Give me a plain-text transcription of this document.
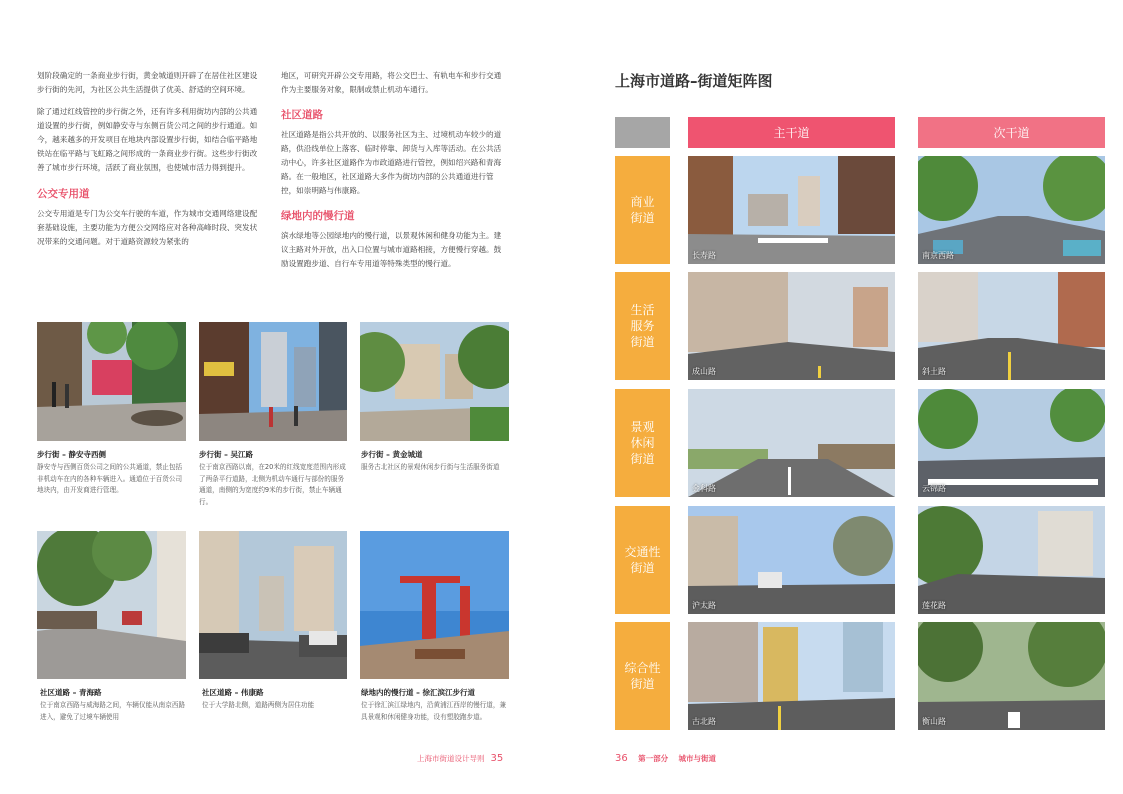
划阶段确定的一条商业步行街，黄金城道则开辟了在居住社区建设步行街的先河，为社区公共生活提供了优美、舒适的空间环境。

除了通过红线管控的步行街之外，还有许多利用街坊内部的公共通道设置的步行街，例如静安寺与东侧百货公司之间的步行通道。如今，越来越多的开发项目在地块内部设置步行街，如结合临平路地铁站在临平路与飞虹路之间形成的一条商业步行街。这些步行街改善了城市步行环境，活跃了商业氛围，也使城市活力得到提升。

公交专用道

公交专用道是专门为公交车行驶的车道，作为城市交通网络建设配套基础设施，主要功能为方便公交网络应对各种高峰时段、突发状况带来的交通问题。对于道路资源较为紧张的

地区，可研究开辟公交专用路，将公交巴士、有轨电车和步行交通作为主要服务对象，限制或禁止机动车通行。

社区道路

社区道路是指公共开放的、以服务社区为主、过境机动车较少的道路，供沿线单位上落客、临时停靠、卸货与入库等活动。在公共活动中心，许多社区道路作为市政道路进行管控，例如绍兴路和青海路。在一般地区，社区道路大多作为街坊内部的公共通道进行管控，如崇明路与伟康路。

绿地内的慢行道

滨水绿地等公园绿地内的慢行道，以景观休闲和健身功能为主。建议主路对外开放，出入口位置与城市道路相接，方便慢行穿越。鼓励设置跑步道、自行车专用道等特殊类型的慢行道。

步行街 – 静安寺西侧

静安寺与西侧百货公司之间的公共通道，禁止包括非机动车在内的各种车辆进入。通道位于百货公司地块内，由开发商进行管理。

步行街 – 吴江路

位于南京西路以南，在20米的红线宽度范围内形成了两条平行道路，北侧为机动车通行与部份的服务通道，南侧的为宽度约9米的步行街，禁止车辆通行。

步行街 – 黄金城道

服务古北社区的景观休闲步行街与生活服务街道

社区道路 – 青海路

位于南京西路与威海路之间，车辆仅能从南京西路进入，避免了过境车辆使用

社区道路 – 伟康路

位于大学路北侧，道路两侧为居住功能

绿地内的慢行道 – 徐汇滨江步行道

位于徐汇滨江绿地内，沿黄浦江西岸的慢行道，兼具景观和休闲健身功能，设有塑胶跑步道。

上海市街道设计导则 35
上海市道路–街道矩阵图
主干道	次干道
商业
街道
长寿路	南京西路
生活
服务
街道
成山路	斜土路
景观
休闲
街道
金科路	云锦路
交通性
街道
沪太路	莲花路
综合性
街道
古北路	衡山路
36 第一部分 城市与街道
